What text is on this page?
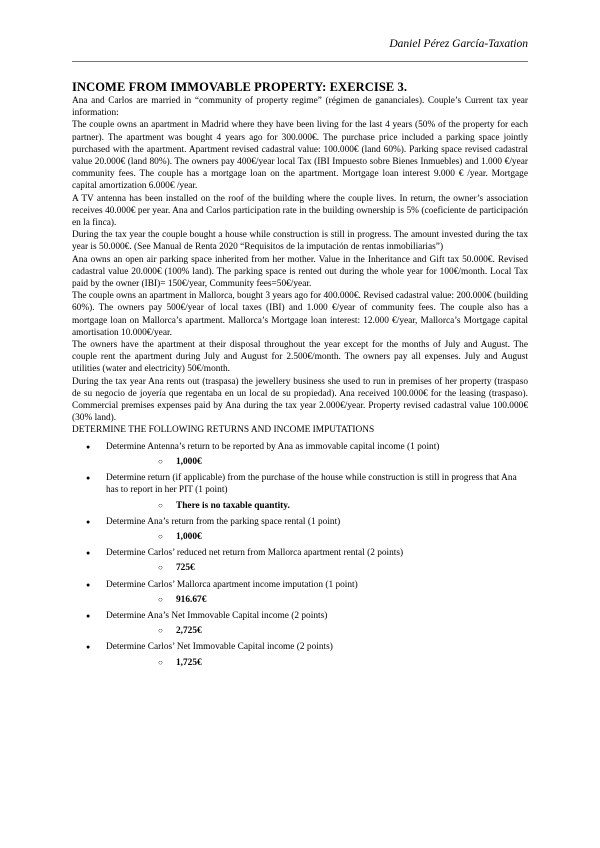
Daniel Pérez García-Taxation
INCOME FROM IMMOVABLE PROPERTY: EXERCISE 3.

Ana and Carlos are married in “community of property regime” (régimen de gananciales). Couple’s Current tax year information:

The couple owns an apartment in Madrid where they have been living for the last 4 years (50% of the property for each partner). The apartment was bought 4 years ago for 300.000€. The purchase price included a parking space jointly purchased with the apartment. Apartment revised cadastral value: 100.000€ (land 60%). Parking space revised cadastral value 20.000€ (land 80%). The owners pay 400€/year local Tax (IBI Impuesto sobre Bienes Inmuebles) and 1.000 €/year community fees. The couple has a mortgage loan on the apartment. Mortgage loan interest 9.000 € /year. Mortgage capital amortization 6.000€ /year.

A TV antenna has been installed on the roof of the building where the couple lives. In return, the owner’s association receives 40.000€ per year. Ana and Carlos participation rate in the building ownership is 5% (coeficiente de participación en la finca).

During the tax year the couple bought a house while construction is still in progress. The amount invested during the tax year is 50.000€. (See Manual de Renta 2020 “Requisitos de la imputación de rentas inmobiliarias”)

Ana owns an open air parking space inherited from her mother. Value in the Inheritance and Gift tax 50.000€. Revised cadastral value 20.000€ (100% land). The parking space is rented out during the whole year for 100€/month. Local Tax paid by the owner (IBI)= 150€/year, Community fees=50€/year.

The couple owns an apartment in Mallorca, bought 3 years ago for 400.000€. Revised cadastral value: 200.000€ (building 60%). The owners pay 500€/year of local taxes (IBI) and 1.000 €/year of community fees. The couple also has a mortgage loan on Mallorca’s apartment. Mallorca’s Mortgage loan interest: 12.000 €/year, Mallorca’s Mortgage capital amortisation 10.000€/year.

The owners have the apartment at their disposal throughout the year except for the months of July and August. The couple rent the apartment during July and August for 2.500€/month. The owners pay all expenses. July and August utilities (water and electricity) 50€/month.

During the tax year Ana rents out (traspasa) the jewellery business she used to run in premises of her property (traspaso de su negocio de joyería que regentaba en un local de su propiedad). Ana received 100.000€ for the leasing (traspaso). Commercial premises expenses paid by Ana during the tax year 2.000€/year. Property revised cadastral value 100.000€ (30% land).

DETERMINE THE FOLLOWING RETURNS AND INCOME IMPUTATIONS

● Determine Antenna’s return to be reported by Ana as immovable capital income (1 point)
○ 1,000€
● Determine return (if applicable) from the purchase of the house while construction is still in progress that Ana has to report in her PIT (1 point)
○ There is no taxable quantity.
● Determine Ana’s return from the parking space rental (1 point)
○ 1,000€
● Determine Carlos’ reduced net return from Mallorca apartment rental (2 points)
○ 725€
● Determine Carlos’ Mallorca apartment income imputation (1 point)
○ 916.67€
● Determine Ana’s Net Immovable Capital income (2 points)
○ 2,725€
● Determine Carlos’ Net Immovable Capital income (2 points)
○ 1,725€
